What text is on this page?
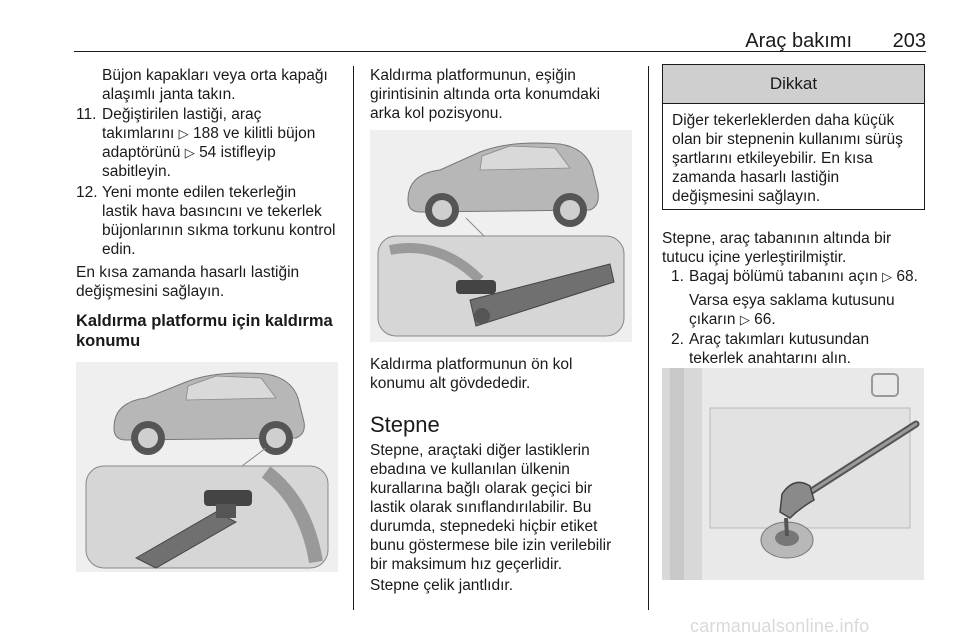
Araç bakımı 203
Büjon kapakları veya orta kapağı
alaşımlı janta takın.
11. Değiştirilen lastiği, araç
takımlarını ▷ 188 ve kilitli büjon
adaptörünü ▷ 54 istifleyip
sabitleyin.
12. Yeni monte edilen tekerleğin
lastik hava basıncını ve tekerlek
büjonlarının sıkma torkunu kontrol
edin.
En kısa zamanda hasarlı lastiğin
değişmesini sağlayın.
Kaldırma platformu için kaldırma
konumu
Kaldırma platformunun, eşiğin
girintisinin altında orta konumdaki
arka kol pozisyonu.
Kaldırma platformunun ön kol
konumu alt gövdededir.
Stepne
Stepne, araçtaki diğer lastiklerin
ebadına ve kullanılan ülkenin
kurallarına bağlı olarak geçici bir
lastik olarak sınıflandırılabilir. Bu
durumda, stepnedeki hiçbir etiket
bunu göstermese bile izin verilebilir
bir maksimum hız geçerlidir.
Stepne çelik jantlıdır.
Dikkat
Diğer tekerleklerden daha küçük
olan bir stepnenin kullanımı sürüş
şartlarını etkileyebilir. En kısa
zamanda hasarlı lastiğin
değişmesini sağlayın.
Stepne, araç tabanının altında bir
tutucu içine yerleştirilmiştir.
1. Bagaj bölümü tabanını açın ▷ 68.
Varsa eşya saklama kutusunu
çıkarın ▷ 66.
2. Araç takımları kutusundan
tekerlek anahtarını alın.
carmanualsonline.info
